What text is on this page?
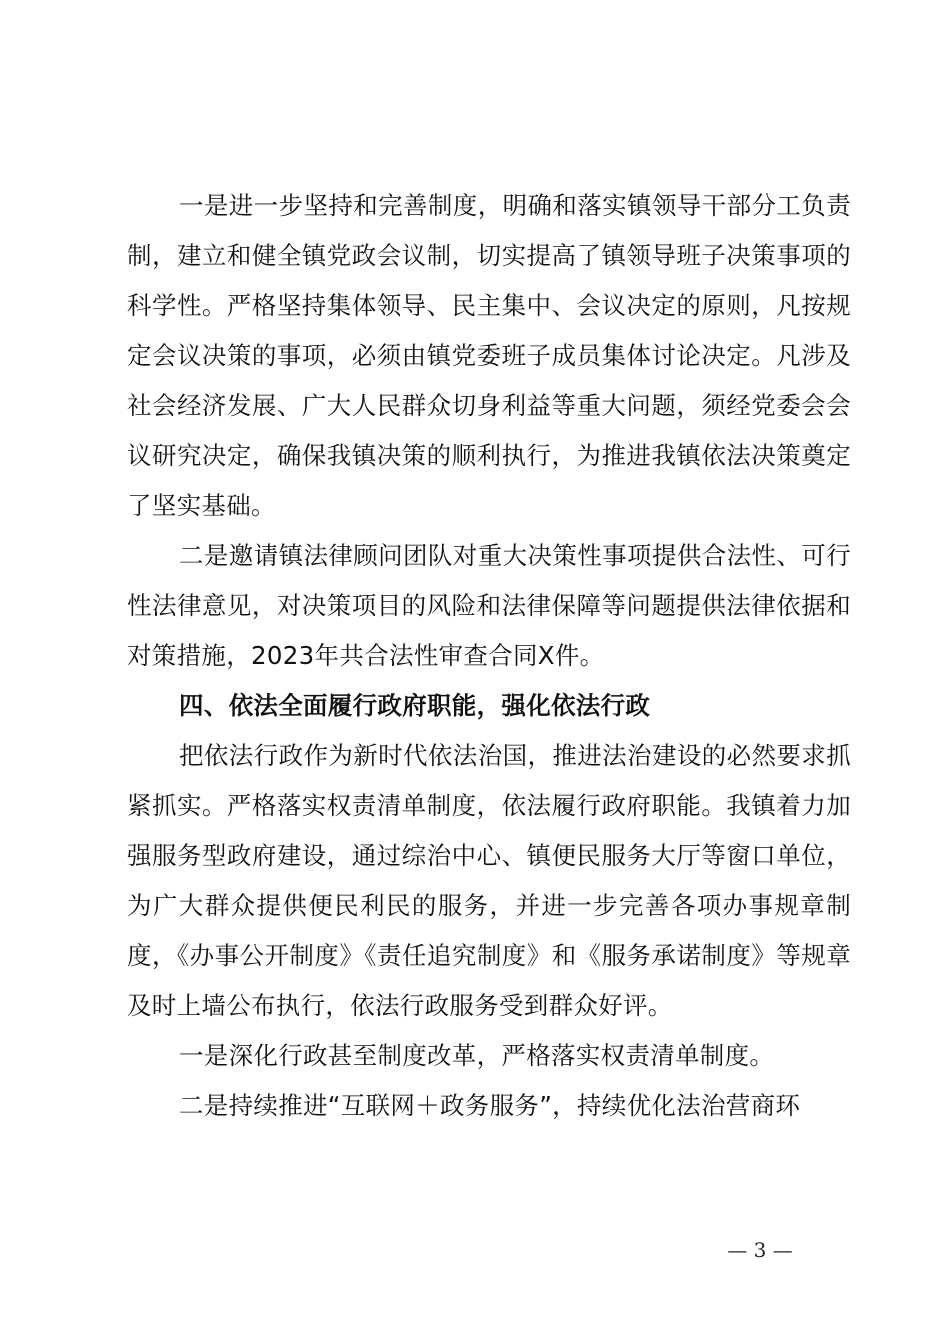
一是进一步坚持和完善制度，明确和落实镇领导干部分工负责制，建立和健全镇党政会议制，切实提高了镇领导班子决策事项的科学性。严格坚持集体领导、民主集中、会议决定的原则，凡按规定会议决策的事项，必须由镇党委班子成员集体讨论决定。凡涉及社会经济发展、广大人民群众切身利益等重大问题，须经党委会会议研究决定，确保我镇决策的顺利执行，为推进我镇依法决策奠定了坚实基础。

二是邀请镇法律顾问团队对重大决策性事项提供合法性、可行性法律意见，对决策项目的风险和法律保障等问题提供法律依据和对策措施，2023年共合法性审查合同X件。

四、依法全面履行政府职能，强化依法行政

把依法行政作为新时代依法治国，推进法治建设的必然要求抓紧抓实。严格落实权责清单制度，依法履行政府职能。我镇着力加强服务型政府建设，通过综治中心、镇便民服务大厅等窗口单位，为广大群众提供便民利民的服务，并进一步完善各项办事规章制度，《办事公开制度》《责任追究制度》和《服务承诺制度》等规章及时上墙公布执行，依法行政服务受到群众好评。

一是深化行政甚至制度改革，严格落实权责清单制度。

二是持续推进“互联网＋政务服务”，持续优化法治营商环

— 3 —
